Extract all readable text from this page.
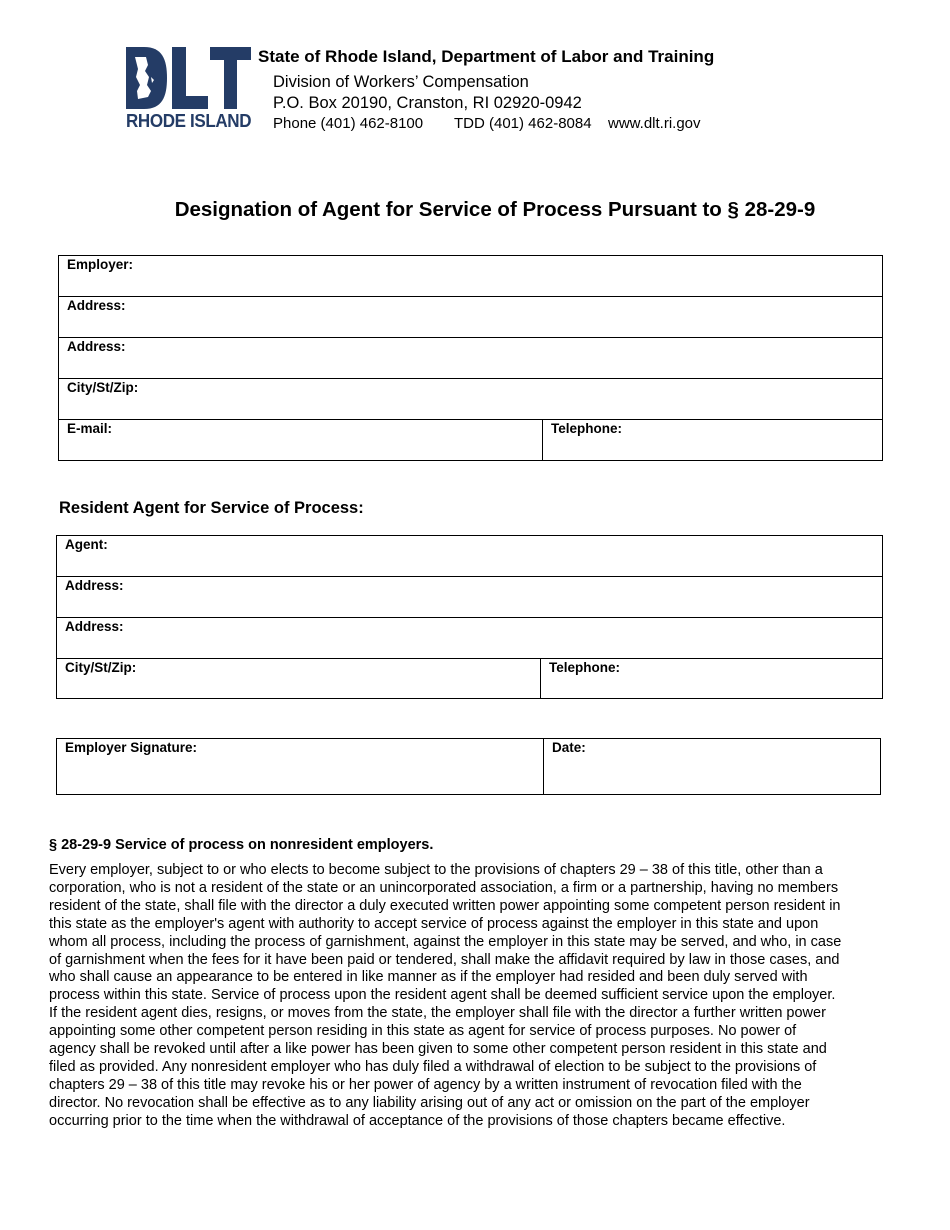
RHODE ISLAND
State of Rhode Island, Department of Labor and Training
Division of Workers’ Compensation
P.O. Box 20190, Cranston, RI 02920-0942
Phone (401) 462-8100 TDD (401) 462-8084 www.dlt.ri.gov
Designation of Agent for Service of Process Pursuant to § 28-29-9
Employer:
Address:
Address:
City/St/Zip:
E-mail:	Telephone:
Resident Agent for Service of Process:
Agent:
Address:
Address:
City/St/Zip:	Telephone:
Employer Signature:	Date:
§ 28-29-9 Service of process on nonresident employers.
Every employer, subject to or who elects to become subject to the provisions of chapters 29 – 38 of this title, other than a
corporation, who is not a resident of the state or an unincorporated association, a firm or a partnership, having no members
resident of the state, shall file with the director a duly executed written power appointing some competent person resident in
this state as the employer's agent with authority to accept service of process against the employer in this state and upon
whom all process, including the process of garnishment, against the employer in this state may be served, and who, in case
of garnishment when the fees for it have been paid or tendered, shall make the affidavit required by law in those cases, and
who shall cause an appearance to be entered in like manner as if the employer had resided and been duly served with
process within this state. Service of process upon the resident agent shall be deemed sufficient service upon the employer.
If the resident agent dies, resigns, or moves from the state, the employer shall file with the director a further written power
appointing some other competent person residing in this state as agent for service of process purposes. No power of
agency shall be revoked until after a like power has been given to some other competent person resident in this state and
filed as provided. Any nonresident employer who has duly filed a withdrawal of election to be subject to the provisions of
chapters 29 – 38 of this title may revoke his or her power of agency by a written instrument of revocation filed with the
director. No revocation shall be effective as to any liability arising out of any act or omission on the part of the employer
occurring prior to the time when the withdrawal of acceptance of the provisions of those chapters became effective.
